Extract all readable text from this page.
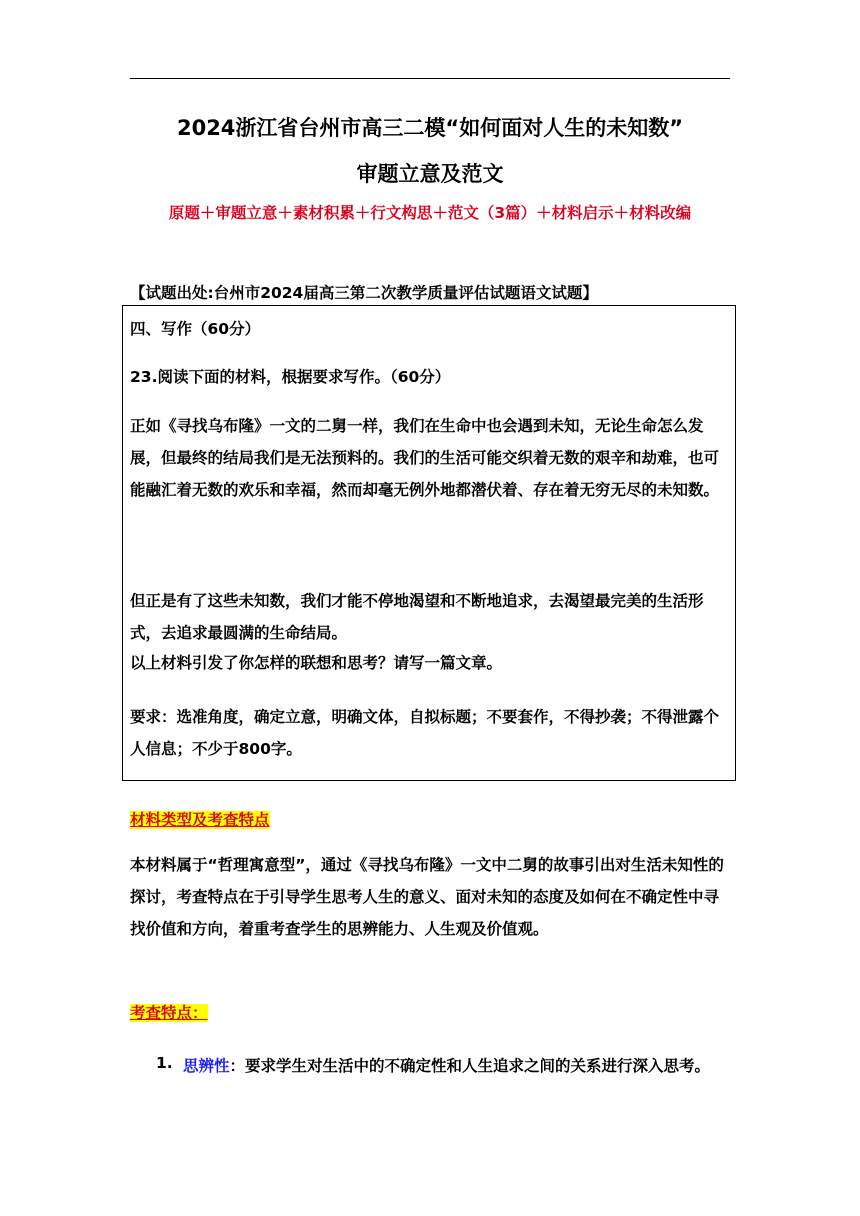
2024浙江省台州市高三二模“如何面对人生的未知数”
审题立意及范文
原题＋审题立意＋素材积累＋行文构思＋范文（3篇）＋材料启示＋材料改编
【试题出处:台州市2024届高三第二次教学质量评估试题语文试题】

四、写作（60分）

23.阅读下面的材料，根据要求写作。（60分）

正如《寻找乌布隆》一文的二舅一样，我们在生命中也会遇到未知，无论生命怎么发展，但最终的结局我们是无法预料的。我们的生活可能交织着无数的艰辛和劫难，也可能融汇着无数的欢乐和幸福，然而却毫无例外地都潜伏着、存在着无穷无尽的未知数。

但正是有了这些未知数，我们才能不停地渴望和不断地追求，去渴望最完美的生活形式，去追求最圆满的生命结局。

以上材料引发了你怎样的联想和思考？请写一篇文章。

要求：选准角度，确定立意，明确文体，自拟标题；不要套作，不得抄袭；不得泄露个人信息；不少于800字。

材料类型及考查特点

本材料属于“哲理寓意型”，通过《寻找乌布隆》一文中二舅的故事引出对生活未知性的探讨，考查特点在于引导学生思考人生的意义、面对未知的态度及如何在不确定性中寻找价值和方向，着重考查学生的思辨能力、人生观及价值观。

考查特点：
1. 思辨性：要求学生对生活中的不确定性和人生追求之间的关系进行深入思考。
